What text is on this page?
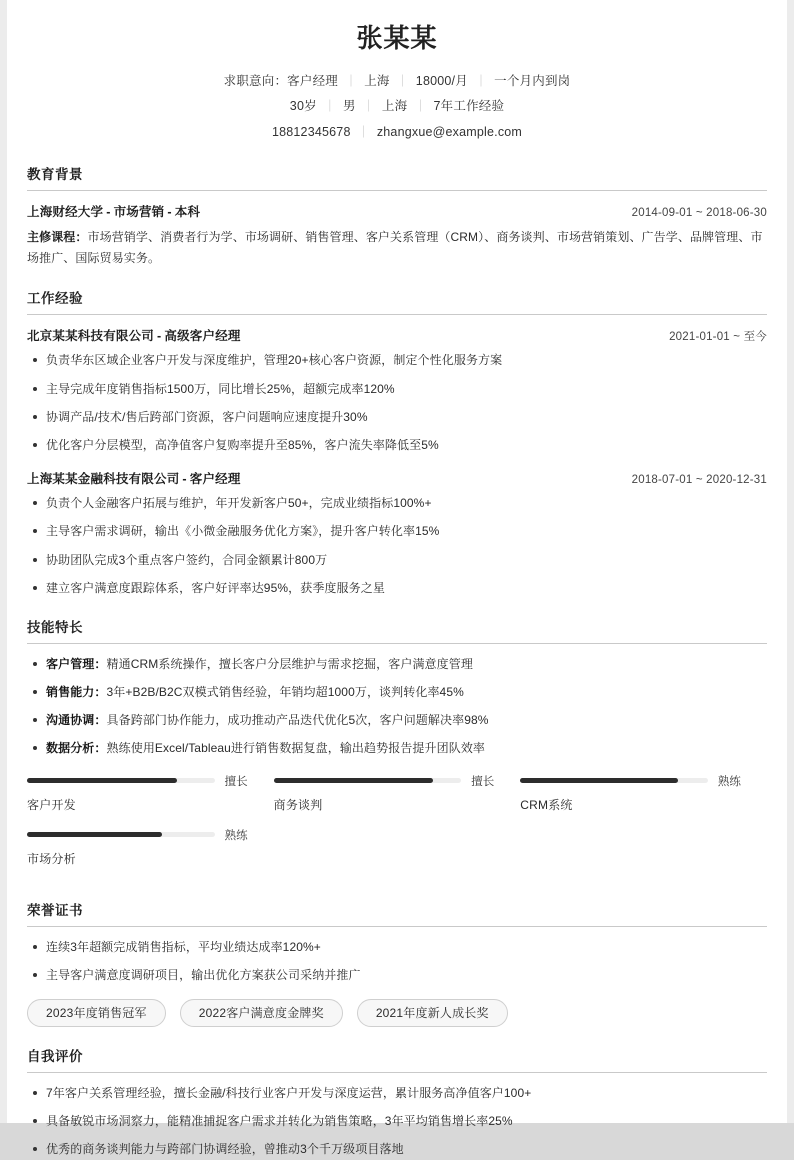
张某某
求职意向：客户经理 ｜ 上海 ｜ 18000/月 ｜ 一个月内到岗
30岁 ｜ 男 ｜ 上海 ｜ 7年工作经验
18812345678 ｜ zhangxue@example.com
教育背景
上海财经大学 - 市场营销 - 本科	2014-09-01 ~ 2018-06-30
主修课程：市场营销学、消费者行为学、市场调研、销售管理、客户关系管理（CRM）、商务谈判、市场营销策划、广告学、品牌管理、市场推广、国际贸易实务。
工作经验
北京某某科技有限公司 - 高级客户经理	2021-01-01 ~ 至今
负责华东区域企业客户开发与深度维护，管理20+核心客户资源，制定个性化服务方案
主导完成年度销售指标1500万，同比增长25%，超额完成率120%
协调产品/技术/售后跨部门资源，客户问题响应速度提升30%
优化客户分层模型，高净值客户复购率提升至85%，客户流失率降低至5%
上海某某金融科技有限公司 - 客户经理	2018-07-01 ~ 2020-12-31
负责个人金融客户拓展与维护，年开发新客户50+，完成业绩指标100%+
主导客户需求调研，输出《小微金融服务优化方案》，提升客户转化率15%
协助团队完成3个重点客户签约，合同金额累计800万
建立客户满意度跟踪体系，客户好评率达95%，获季度服务之星
技能特长
客户管理：精通CRM系统操作，擅长客户分层维护与需求挖掘，客户满意度管理
销售能力：3年+B2B/B2C双模式销售经验，年销均超1000万，谈判转化率45%
沟通协调：具备跨部门协作能力，成功推动产品迭代优化5次，客户问题解决率98%
数据分析：熟练使用Excel/Tableau进行销售数据复盘，输出趋势报告提升团队效率
擅长
客户开发
擅长
商务谈判
熟练
CRM系统
熟练
市场分析
荣誉证书
连续3年超额完成销售指标，平均业绩达成率120%+
主导客户满意度调研项目，输出优化方案获公司采纳并推广
2023年度销售冠军	2022客户满意度金牌奖	2021年度新人成长奖
自我评价
7年客户关系管理经验，擅长金融/科技行业客户开发与深度运营，累计服务高净值客户100+
具备敏锐市场洞察力，能精准捕捉客户需求并转化为销售策略，3年平均销售增长率25%
优秀的商务谈判能力与跨部门协调经验，曾推动3个千万级项目落地
